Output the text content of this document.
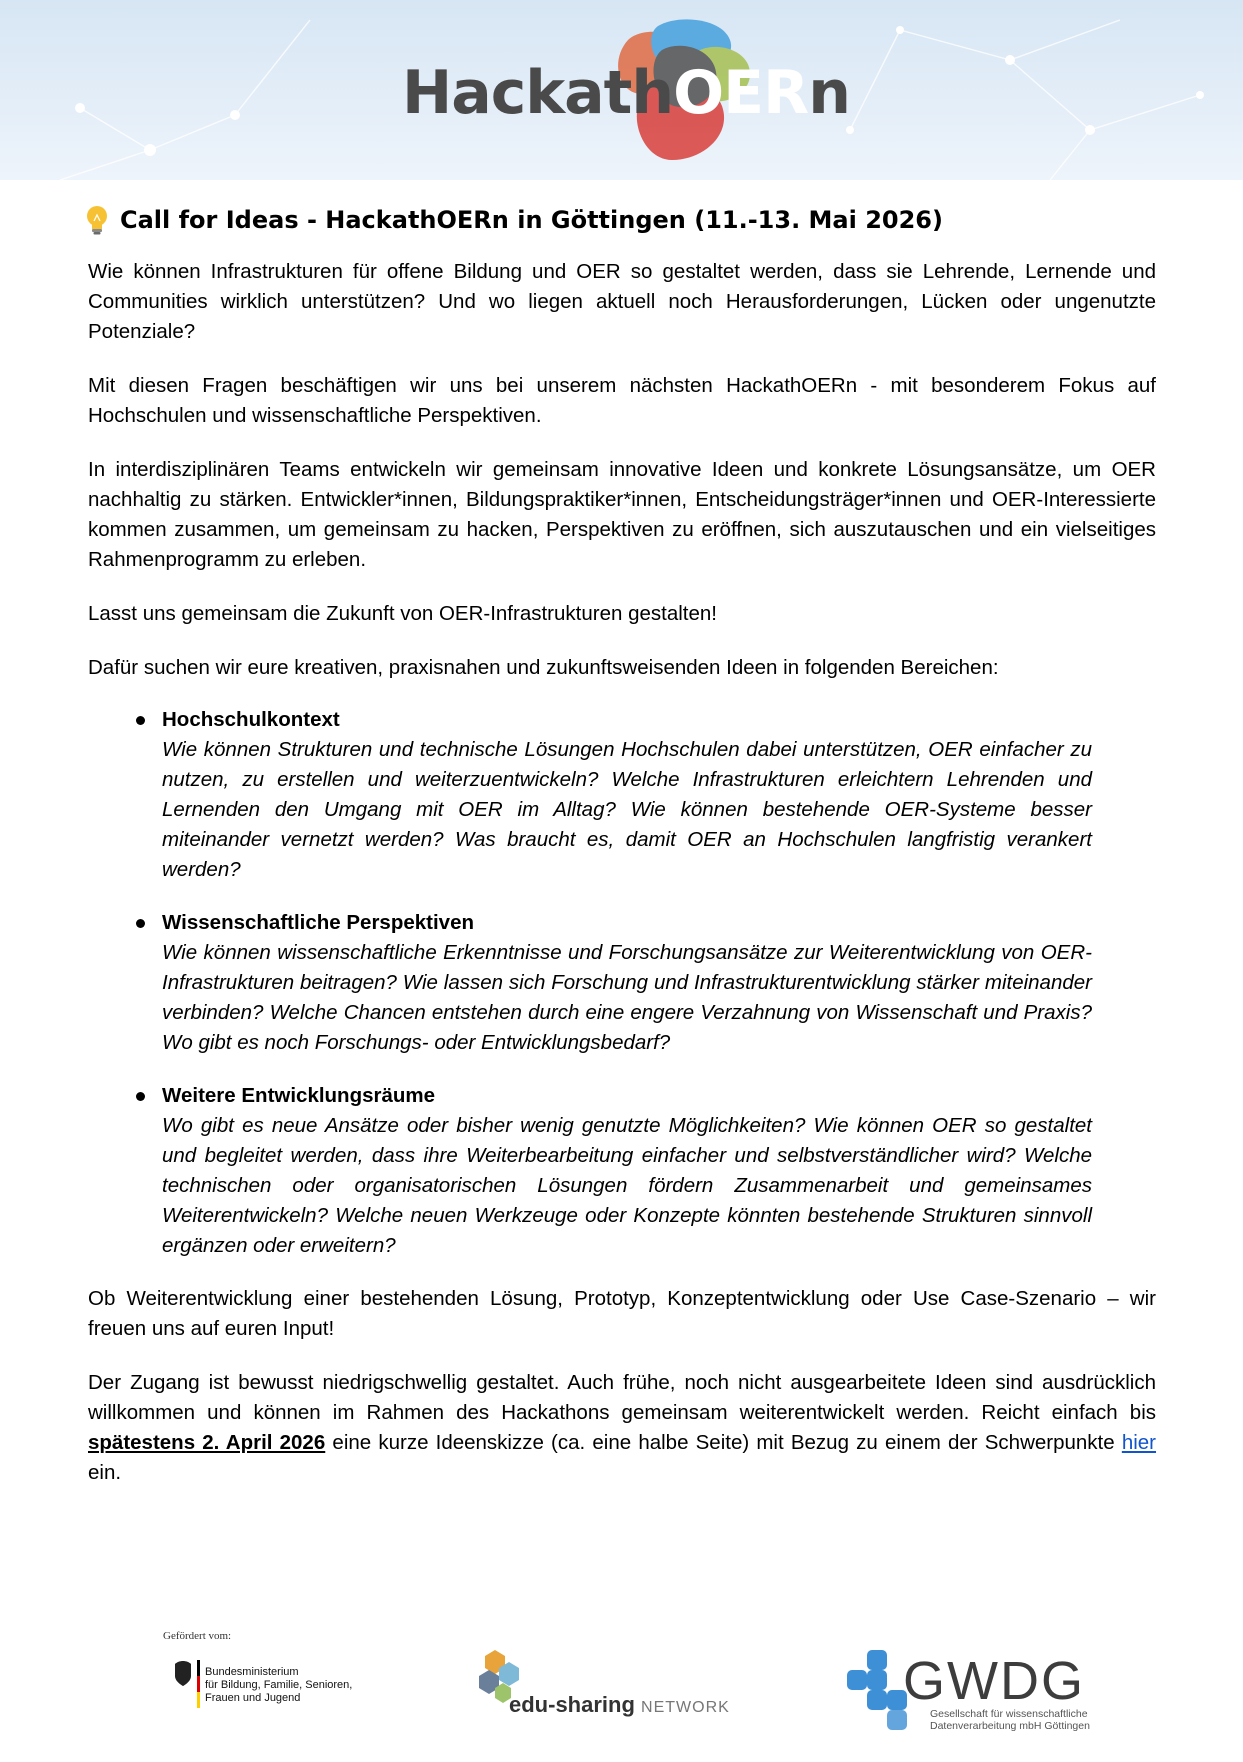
HackathOERn
Call for Ideas - HackathOERn in Göttingen (11.-13. Mai 2026)

Wie können Infrastrukturen für offene Bildung und OER so gestaltet werden, dass sie Lehrende, Lernende und Communities wirklich unterstützen? Und wo liegen aktuell noch Herausforderungen, Lücken oder ungenutzte Potenziale?

Mit diesen Fragen beschäftigen wir uns bei unserem nächsten HackathOERn - mit besonderem Fokus auf Hochschulen und wissenschaftliche Perspektiven.

In interdisziplinären Teams entwickeln wir gemeinsam innovative Ideen und konkrete Lösungsansätze, um OER nachhaltig zu stärken. Entwickler*innen, Bildungspraktiker*innen, Entscheidungsträger*innen und OER-Interessierte kommen zusammen, um gemeinsam zu hacken, Perspektiven zu eröffnen, sich auszutauschen und ein vielseitiges Rahmenprogramm zu erleben.

Lasst uns gemeinsam die Zukunft von OER-Infrastrukturen gestalten!

Dafür suchen wir eure kreativen, praxisnahen und zukunftsweisenden Ideen in folgenden Bereichen:

Hochschulkontext
Wie können Strukturen und technische Lösungen Hochschulen dabei unterstützen, OER einfacher zu nutzen, zu erstellen und weiterzuentwickeln? Welche Infrastrukturen erleichtern Lehrenden und Lernenden den Umgang mit OER im Alltag? Wie können bestehende OER-Systeme besser miteinander vernetzt werden? Was braucht es, damit OER an Hochschulen langfristig verankert werden?
Wissenschaftliche Perspektiven
Wie können wissenschaftliche Erkenntnisse und Forschungsansätze zur Weiterentwicklung von OER-Infrastrukturen beitragen? Wie lassen sich Forschung und Infrastrukturentwicklung stärker miteinander verbinden? Welche Chancen entstehen durch eine engere Verzahnung von Wissenschaft und Praxis? Wo gibt es noch Forschungs- oder Entwicklungsbedarf?
Weitere Entwicklungsräume
Wo gibt es neue Ansätze oder bisher wenig genutzte Möglichkeiten? Wie können OER so gestaltet und begleitet werden, dass ihre Weiterbearbeitung einfacher und selbstverständlicher wird? Welche technischen oder organisatorischen Lösungen fördern Zusammenarbeit und gemeinsames Weiterentwickeln? Welche neuen Werkzeuge oder Konzepte könnten bestehende Strukturen sinnvoll ergänzen oder erweitern?

Ob Weiterentwicklung einer bestehenden Lösung, Prototyp, Konzeptentwicklung oder Use Case-Szenario – wir freuen uns auf euren Input!

Der Zugang ist bewusst niedrigschwellig gestaltet. Auch frühe, noch nicht ausgearbeitete Ideen sind ausdrücklich willkommen und können im Rahmen des Hackathons gemeinsam weiterentwickelt werden. Reicht einfach bis spätestens 2. April 2026 eine kurze Ideenskizze (ca. eine halbe Seite) mit Bezug zu einem der Schwerpunkte hier ein.

Gefördert vom:
Bundesministerium
für Bildung, Familie, Senioren,
Frauen und Jugend	edu-sharing NETWORK	GWDG
Gesellschaft für wissenschaftliche
Datenverarbeitung mbH Göttingen
